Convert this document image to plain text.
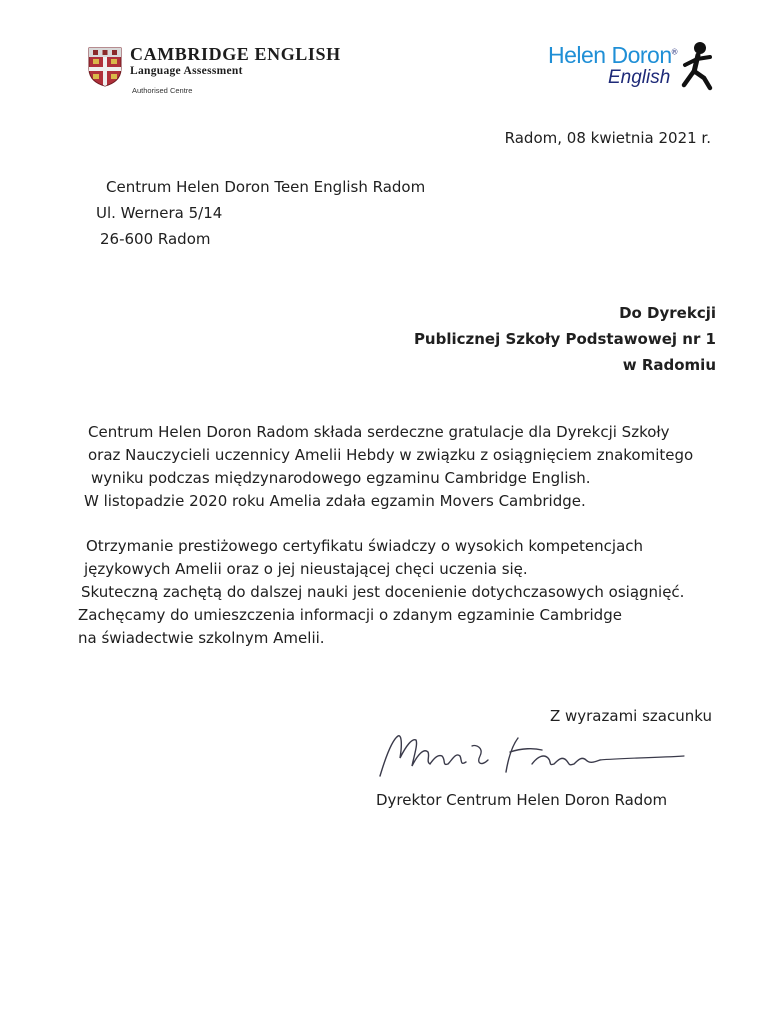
CAMBRIDGE ENGLISH
Language Assessment
Authorised Centre
Helen Doron®
English
Radom, 08 kwietnia 2021 r.
Centrum Helen Doron Teen English Radom
Ul. Wernera 5/14
26-600 Radom
Do Dyrekcji
Publicznej Szkoły Podstawowej nr 1
w Radomiu
Centrum Helen Doron Radom składa serdeczne gratulacje dla Dyrekcji Szkoły
oraz Nauczycieli uczennicy Amelii Hebdy w związku z osiągnięciem znakomitego
wyniku podczas międzynarodowego egzaminu Cambridge English.
W listopadzie 2020 roku Amelia zdała egzamin Movers Cambridge.
Otrzymanie prestiżowego certyfikatu świadczy o wysokich kompetencjach
językowych Amelii oraz o jej nieustającej chęci uczenia się.
Skuteczną zachętą do dalszej nauki jest docenienie dotychczasowych osiągnięć.
Zachęcamy do umieszczenia informacji o zdanym egzaminie Cambridge
na świadectwie szkolnym Amelii.
Z wyrazami szacunku
Dyrektor Centrum Helen Doron Radom
